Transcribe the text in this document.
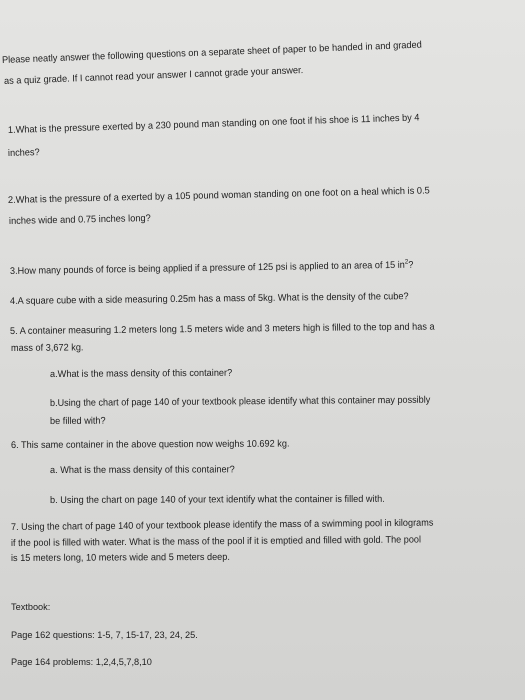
Please neatly answer the following questions on a separate sheet of paper to be handed in and graded
as a quiz grade. If I cannot read your answer I cannot grade your answer.
1.What is the pressure exerted by a 230 pound man standing on one foot if his shoe is 11 inches by 4
inches?
2.What is the pressure of a exerted by a 105 pound woman standing on one foot on a heal which is 0.5
inches wide and 0.75 inches long?
3.How many pounds of force is being applied if a pressure of 125 psi is applied to an area of 15 $in^2$?
4.A square cube with a side measuring 0.25m has a mass of 5kg. What is the density of the cube?
5. A container measuring 1.2 meters long 1.5 meters wide and 3 meters high is filled to the top and has a
mass of 3,672 kg.
a.What is the mass density of this container?
b.Using the chart of page 140 of your textbook please identify what this container may possibly
be filled with?
6. This same container in the above question now weighs 10.692 kg.
a. What is the mass density of this container?
b. Using the chart on page 140 of your text identify what the container is filled with.
7. Using the chart of page 140 of your textbook please identify the mass of a swimming pool in kilograms
if the pool is filled with water. What is the mass of the pool if it is emptied and filled with gold. The pool
is 15 meters long, 10 meters wide and 5 meters deep.
Textbook:
Page 162 questions: 1-5, 7, 15-17, 23, 24, 25.
Page 164 problems: 1,2,4,5,7,8,10
